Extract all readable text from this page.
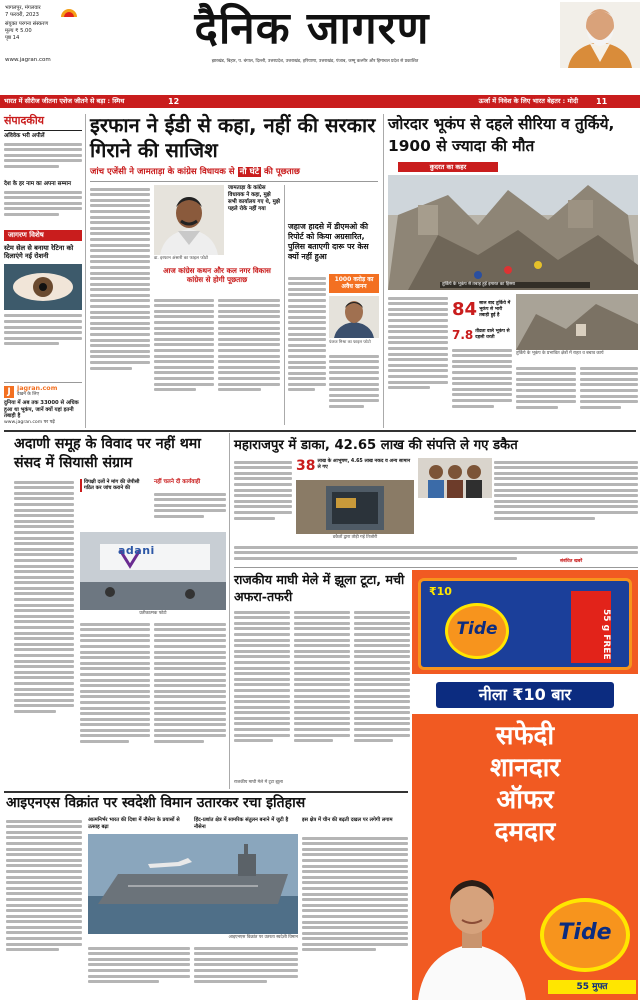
भागलपुर, मंगलवार
7 फरवरी, 2023
संयुक्त परगना संस्करण
मूल्य ₹ 5.00
पृष्ठ 14
www.jagran.com
दैनिक जागरण
झारखंड, बिहार, प. बंगाल, दिल्ली, उत्तरप्रदेश, उत्तराखंड, हरियाणा, उत्तराखंड, पंजाब, जम्मू कश्मीर और हिमाचल प्रदेश से प्रकाशित
भारत में सीरीज जीतना एशेज जीतने से बड़ा : स्मिथ	12	ऊर्जा में निवेश के लिए भारत बेहतर : मोदी	11
संपादकीय
अविवेक भरी अपीलें
देश के हर नाम का अपना सम्मान
जागरण विशेष
स्टेम सेल से बनाया रेटिना को दिलाएंगे नई रोशनी
J jagran.com
देखने के लिए
दुनिया में अब तक 33000 से अधिक हुआ था भूकंप, जानें क्यों यहां इतनी तबाही है
www.jagran.com पर पढ़ें
इरफान ने ईडी से कहा, नहीं की सरकार गिराने की साजिश
जांच एजेंसी ने जामताड़ा के कांग्रेस विधायक से नौ घंटे की पूछताछ
डा. इरफान अंसारी का फाइल फोटो
जामताड़ा के कांग्रेस विधायक ने कहा, मुझे सभी कार्यालय गए थे, मुझे पहले रोके नहीं गया
आज कांग्रेस कथन और कल नगर विकास कांग्रेस से होगी पूछताछ
जहाज हादसे में डीएमओ की रिपोर्ट को किया अग्रसारित, पुलिस बताएगी दारू पर केस क्यों नहीं हुआ
1000 करोड़ का अवैध खनन
पंकज मिश्रा का फाइल फोटो
जोरदार भूकंप से दहले सीरिया व तुर्किये, 1900 से ज्यादा की मौत
कुदरत का कहर
तुर्किये के भूकंप से तबाह हुई इमारत का हिस्सा
84 साल बाद तुर्किये में भूकंप से भारी तबाही हुई है
7.8 तीव्रता वाले भूकंप से दहली धरती
तुर्किये के भूकंप के प्रभावित क्षेत्रों में राहत व बचाव कार्य
अदाणी समूह के विवाद पर नहीं थमा संसद में सियासी संग्राम
विपक्षी दलों ने मांग की जेपीसी गठित कर जांच कराने की
नहीं चलने दी कार्यवाही
adani
प्रतीकात्मक फोटो
महाराजपुर में डाका, 42.65 लाख की संपत्ति ले गए डकैत
38 लाख के आभूषण, 4.65 लाख नकद व अन्य सामान ले गए
डकैतों द्वारा तोड़ी गई तिजोरी
राजकीय माघी मेले में झूला टूटा, मची अफरा-तफरी
राजकीय माघी मेले में टूटा झूला
₹10
Tide	55 g FREE
नीला ₹10 बार
सफेदी
शानदार
ऑफर
दमदार
Tide
55 मुफ्त
आइएनएस विक्रांत पर स्वदेशी विमान उतारकर रचा इतिहास
आत्मनिर्भर भारत की दिशा में नौसेना के प्रयासों से उत्साह बढ़ा
हिंद-प्रशांत क्षेत्र में सामरिक संतुलन बनाने में जुटी है नौसेना
इस क्षेत्र में चीन की बढ़ती दखल पर लगेगी लगाम
आइएनएस विक्रांत पर उतरता स्वदेशी विमान
संबंधित खबरें
